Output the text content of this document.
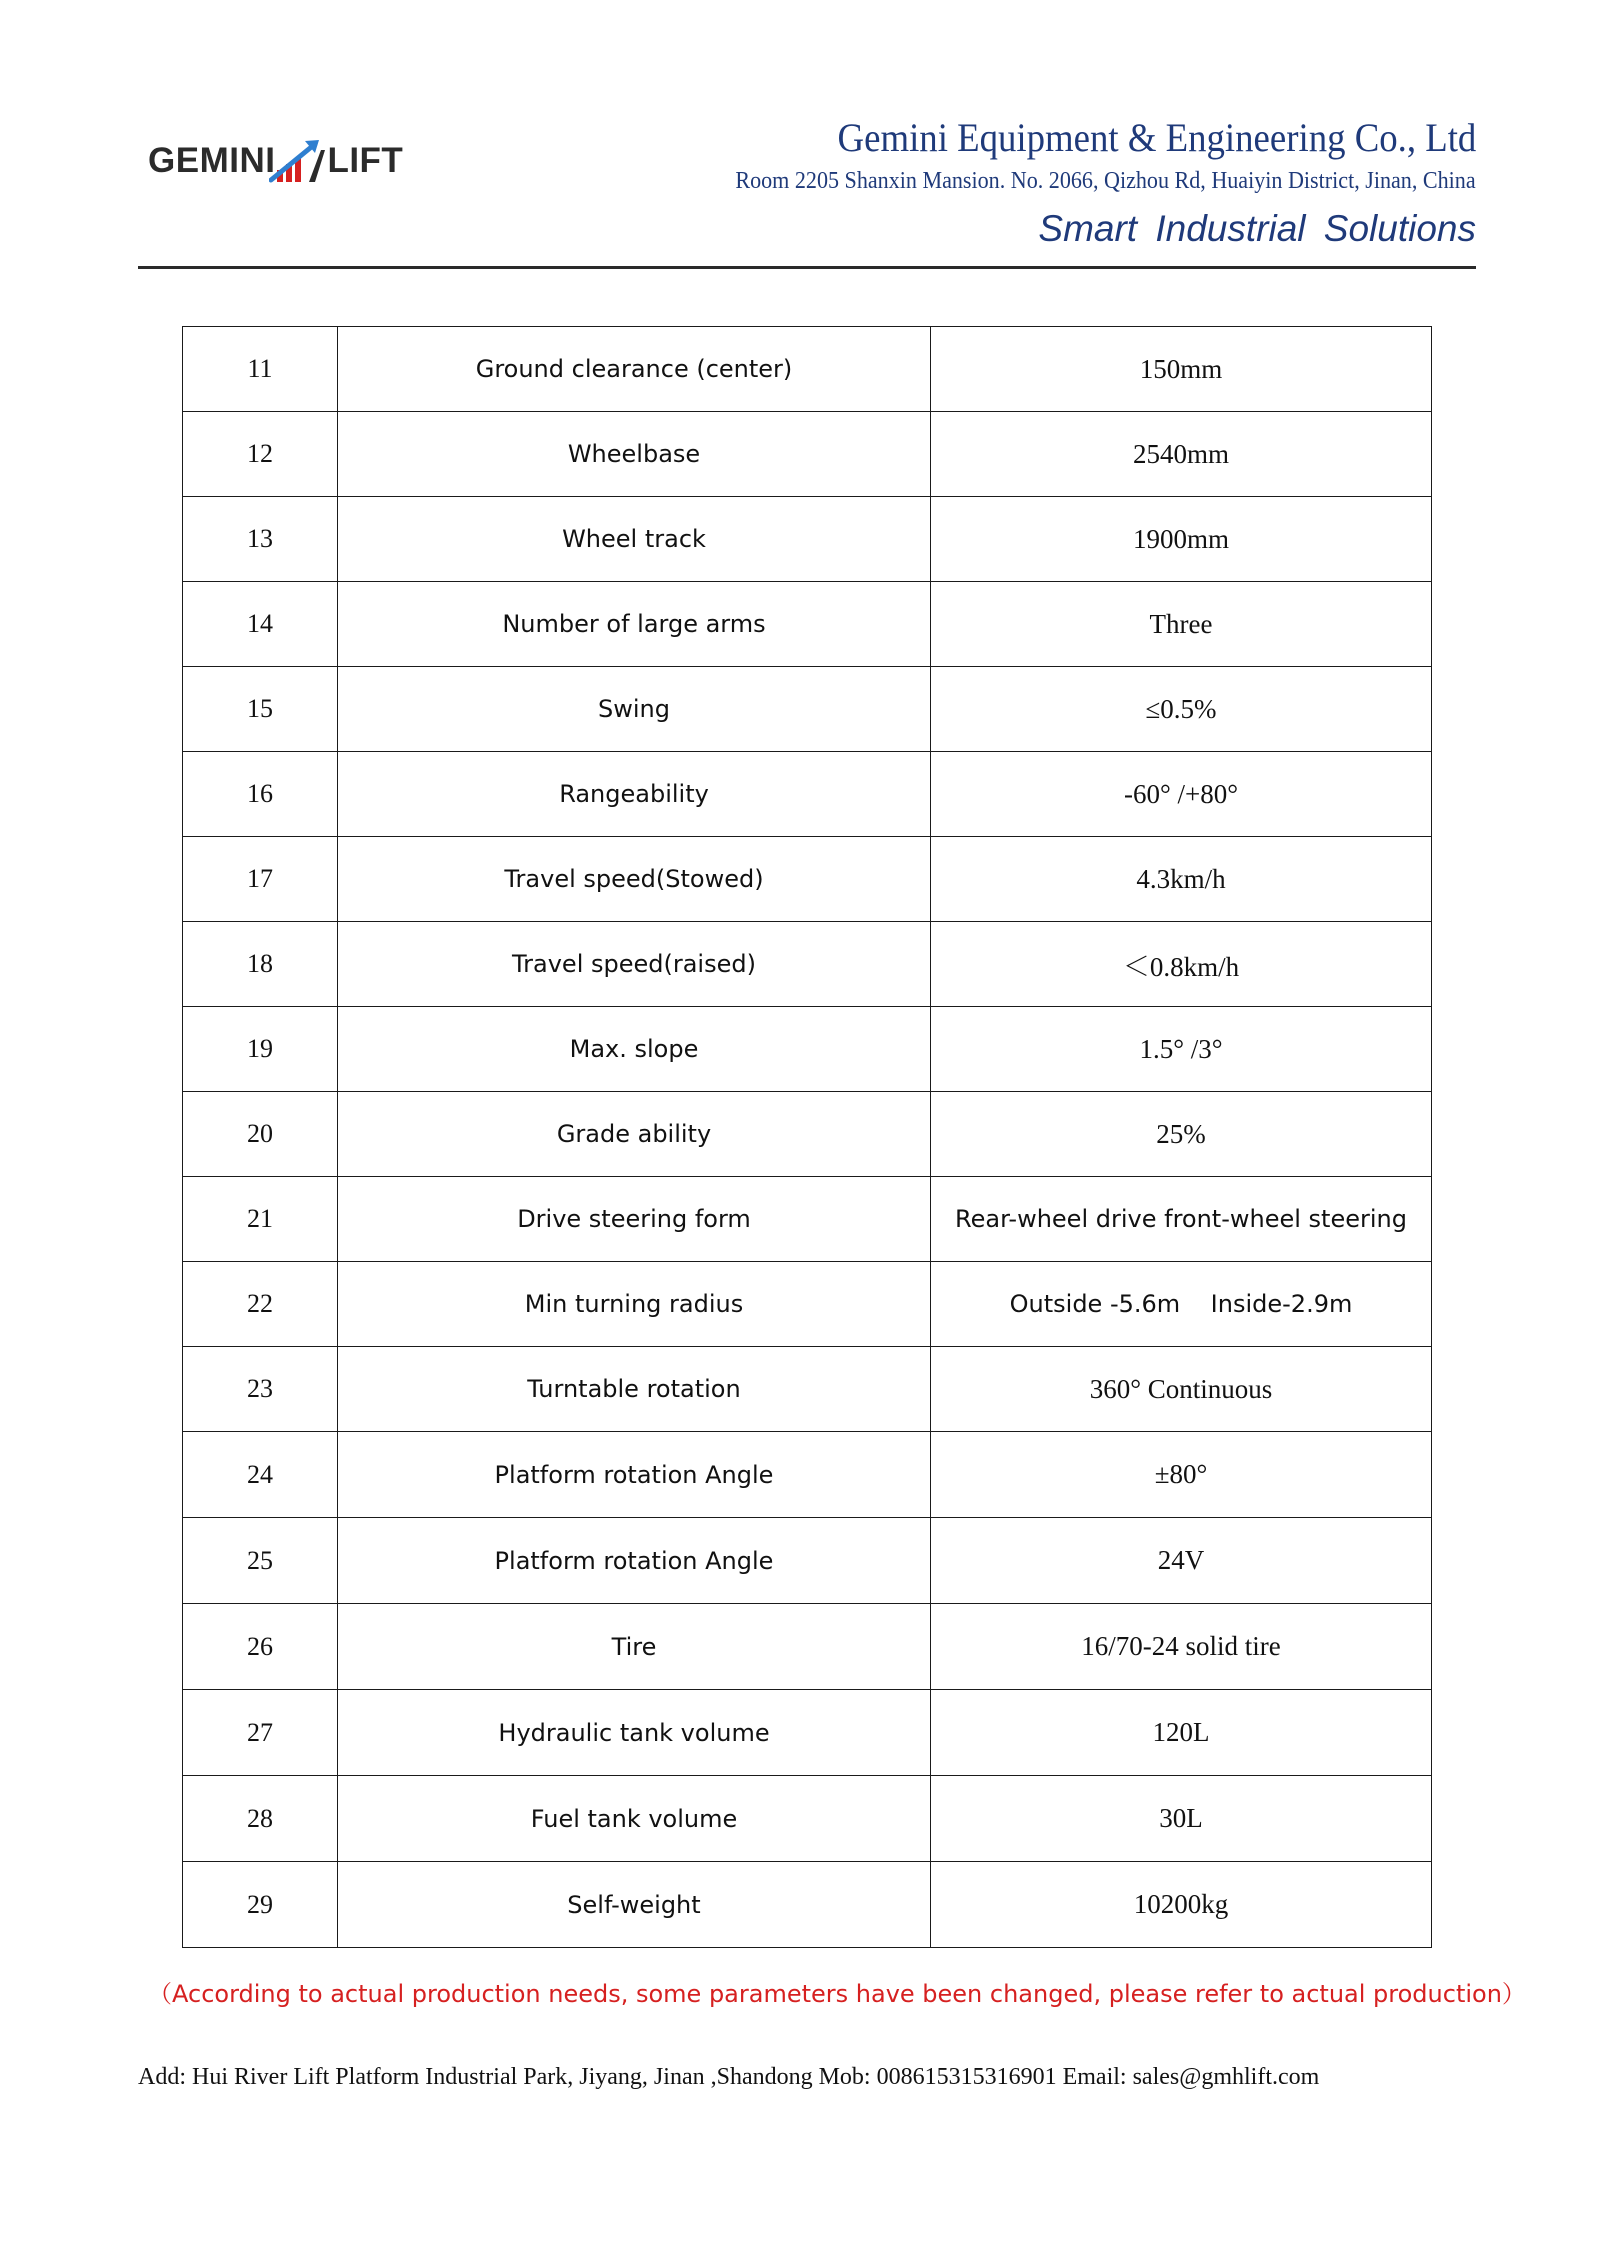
GEMINI LIFT
Gemini Equipment & Engineering Co., Ltd
Room 2205 Shanxin Mansion. No. 2066, Qizhou Rd, Huaiyin District, Jinan, China
Smart Industrial Solutions
11	Ground clearance (center)	150mm
12	Wheelbase	2540mm
13	Wheel track	1900mm
14	Number of large arms	Three
15	Swing	≤0.5%
16	Rangeability	-60° /+80°
17	Travel speed(Stowed)	4.3km/h
18	Travel speed(raised)	＜0.8km/h
19	Max. slope	1.5° /3°
20	Grade ability	25%
21	Drive steering form	Rear-wheel drive front-wheel steering
22	Min turning radius	Outside -5.6m    Inside-2.9m
23	Turntable rotation	360° Continuous
24	Platform rotation Angle	±80°
25	Platform rotation Angle	24V
26	Tire	16/70-24 solid tire
27	Hydraulic tank volume	120L
28	Fuel tank volume	30L
29	Self-weight	10200kg
（According to actual production needs, some parameters have been changed, please refer to actual production）
Add: Hui River Lift Platform Industrial Park, Jiyang, Jinan ,Shandong Mob: 008615315316901 Email: sales@gmhlift.com
